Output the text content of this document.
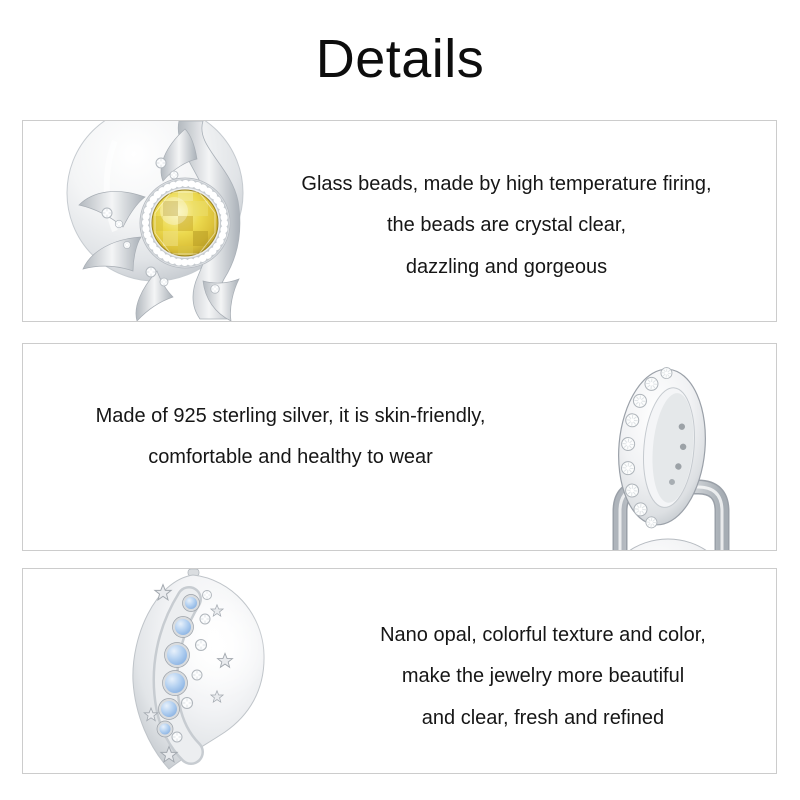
Details
Glass beads, made by high temperature firing,
the beads are crystal clear,
dazzling and gorgeous
Made of 925 sterling silver, it is skin-friendly,
comfortable and healthy to wear
Nano opal, colorful texture and color,
make the jewelry more beautiful
and clear, fresh and refined
